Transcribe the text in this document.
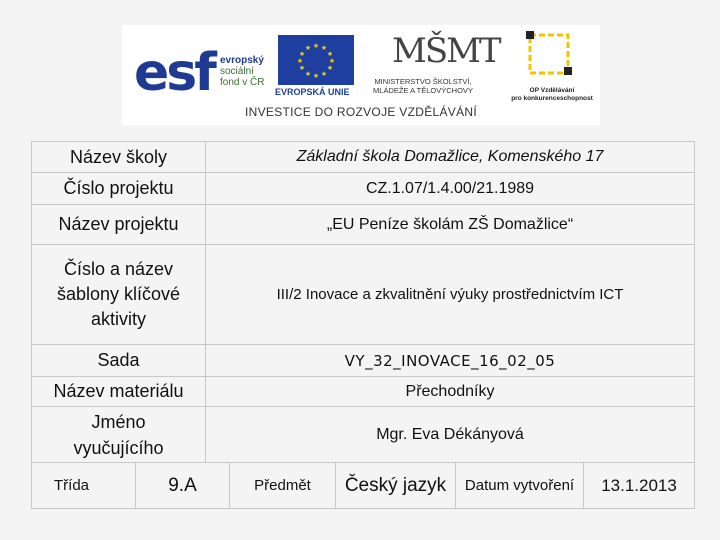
esf evropský
sociální
fond v ČR
★ ★
★
★
★
★
★
★
★
★
★
★
EVROPSKÁ UNIE
MŠMT
MINISTERSTVO ŠKOLSTVÍ,
MLÁDEŽE A TĚLOVÝCHOVY	OP Vzdělávání
pro konkurenceschopnost
INVESTICE DO ROZVOJE VZDĚLÁVÁNÍ
Název školy		Základní škola Domažlice, Komenského 17				
Číslo projektu		CZ.1.07/1.4.00/21.1989				
Název projektu		„EU Peníze školám ZŠ Domažlice“				
Číslo a název šablony klíčové aktivity		III/2 Inovace a zkvalitnění výuky prostřednictvím ICT				
Sada		VY_32_INOVACE_16_02_05				
Název materiálu		Přechodníky				
Jméno vyučujícího		Mgr. Eva Dékányová				
Třída	9.A		Předmět	Český jazyk	Datum vytvoření	13.1.2013
